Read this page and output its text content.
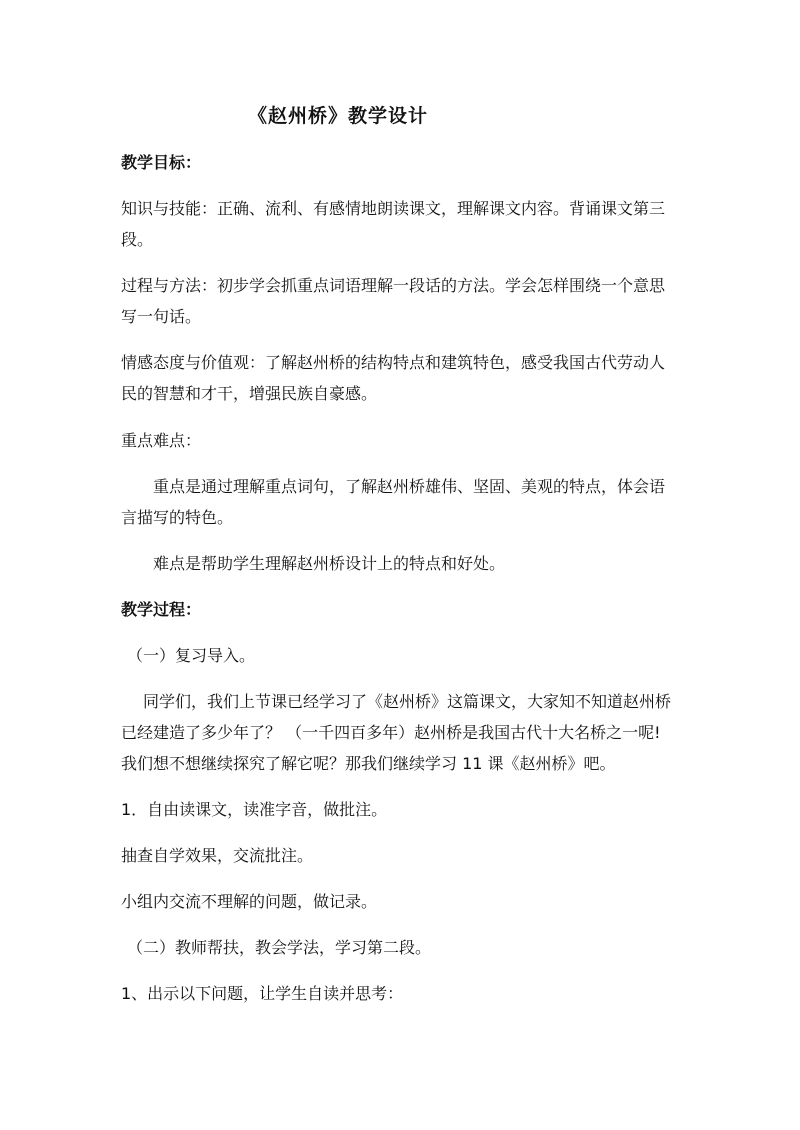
《赵州桥》教学设计
教学目标：
知识与技能：正确、流利、有感情地朗读课文，理解课文内容。背诵课文第三
段。
过程与方法：初步学会抓重点词语理解一段话的方法。学会怎样围绕一个意思
写一句话。
情感态度与价值观：了解赵州桥的结构特点和建筑特色，感受我国古代劳动人
民的智慧和才干，增强民族自豪感。
重点难点：
重点是通过理解重点词句，了解赵州桥雄伟、坚固、美观的特点，体会语
言描写的特色。
难点是帮助学生理解赵州桥设计上的特点和好处。
教学过程：
（一）复习导入。
同学们，我们上节课已经学习了《赵州桥》这篇课文，大家知不知道赵州桥
已经建造了多少年了？ （一千四百多年）赵州桥是我国古代十大名桥之一呢!
我们想不想继续探究了解它呢？那我们继续学习 11 课《赵州桥》吧。
1．自由读课文，读准字音，做批注。
抽查自学效果，交流批注。
小组内交流不理解的问题，做记录。
（二）教师帮扶，教会学法，学习第二段。
1、出示以下问题，让学生自读并思考：
